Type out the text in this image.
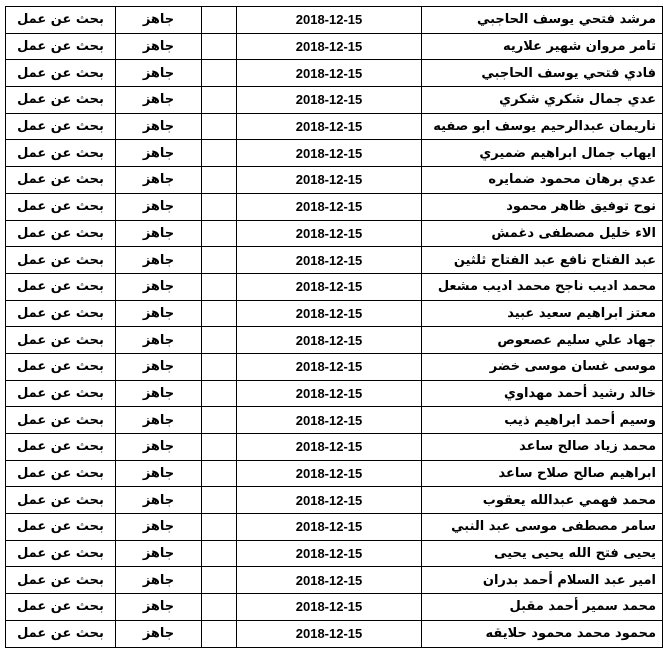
مرشد فتحي يوسف الحاجبي	2018-12-15		جاهز	بحث عن عمل
تامر مروان شهير علاريه	2018-12-15		جاهز	بحث عن عمل
فادي فتحي يوسف الحاجبي	2018-12-15		جاهز	بحث عن عمل
عدي جمال شكري شكري	2018-12-15		جاهز	بحث عن عمل
ناريمان عبدالرحيم يوسف ابو صفيه	2018-12-15		جاهز	بحث عن عمل
ايهاب جمال ابراهيم ضميري	2018-12-15		جاهز	بحث عن عمل
عدي برهان محمود ضمايره	2018-12-15		جاهز	بحث عن عمل
نوح توفيق ظاهر محمود	2018-12-15		جاهز	بحث عن عمل
الاء خليل مصطفى دغمش	2018-12-15		جاهز	بحث عن عمل
عبد الفتاح نافع عبد الفتاح ثلثين	2018-12-15		جاهز	بحث عن عمل
محمد اديب ناجح محمد اديب مشعل	2018-12-15		جاهز	بحث عن عمل
معتز ابراهيم سعيد عبيد	2018-12-15		جاهز	بحث عن عمل
جهاد علي سليم عصعوص	2018-12-15		جاهز	بحث عن عمل
موسى غسان موسى خضر	2018-12-15		جاهز	بحث عن عمل
خالد رشيد أحمد مهداوي	2018-12-15		جاهز	بحث عن عمل
وسيم أحمد ابراهيم ذيب	2018-12-15		جاهز	بحث عن عمل
محمد زياد صالح ساعد	2018-12-15		جاهز	بحث عن عمل
ابراهيم صالح صلاح ساعد	2018-12-15		جاهز	بحث عن عمل
محمد فهمي عبدالله يعقوب	2018-12-15		جاهز	بحث عن عمل
سامر مصطفى موسى عبد النبي	2018-12-15		جاهز	بحث عن عمل
يحيى فتح الله يحيى يحيى	2018-12-15		جاهز	بحث عن عمل
امير عبد السلام أحمد بدران	2018-12-15		جاهز	بحث عن عمل
محمد سمير أحمد مقبل	2018-12-15		جاهز	بحث عن عمل
محمود محمد محمود حلايقه	2018-12-15		جاهز	بحث عن عمل
